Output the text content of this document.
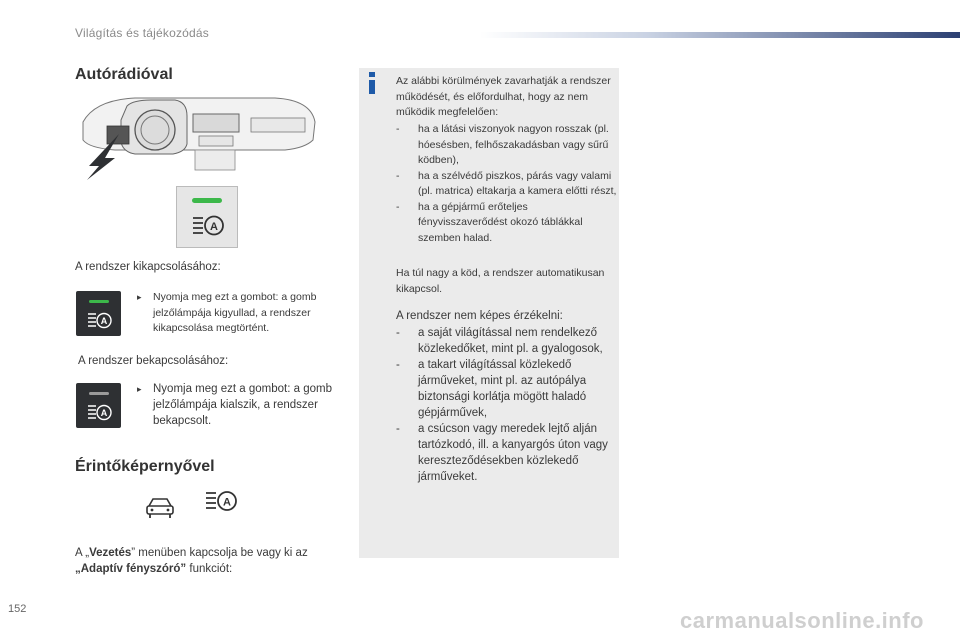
Világítás és tájékozódás
Autórádióval
A
A rendszer kikapcsolásához:
A
▸ Nyomja meg ezt a gombot: a gomb jelzőlámpája kigyullad, a rendszer kikapcsolása megtörtént.
A rendszer bekapcsolásához:
A
▸ Nyomja meg ezt a gombot: a gomb jelzőlámpája kialszik, a rendszer bekapcsolt.
Érintőképernyővel
A
A „Vezetés” menüben kapcsolja be vagy ki az
„Adaptív fényszóró” funkciót:
Az alábbi körülmények zavarhatják a rendszer működését, és előfordulhat, hogy az nem működik megfelelően:
- ha a látási viszonyok nagyon rosszak (pl. hóesésben, felhőszakadásban vagy sűrű ködben),
- ha a szélvédő piszkos, párás vagy valami (pl. matrica) eltakarja a kamera előtti részt,
- ha a gépjármű erőteljes fényvisszaverődést okozó táblákkal szemben halad.
Ha túl nagy a köd, a rendszer automatikusan kikapcsol.
A rendszer nem képes érzékelni:
- a saját világítással nem rendelkező közlekedőket, mint pl. a gyalogosok,
- a takart világítással közlekedő járműveket, mint pl. az autópálya biztonsági korlátja mögött haladó gépjárművek,
- a csúcson vagy meredek lejtő alján tartózkodó, ill. a kanyargós úton vagy kereszteződésekben közlekedő járműveket.
152	carmanualsonline.info
